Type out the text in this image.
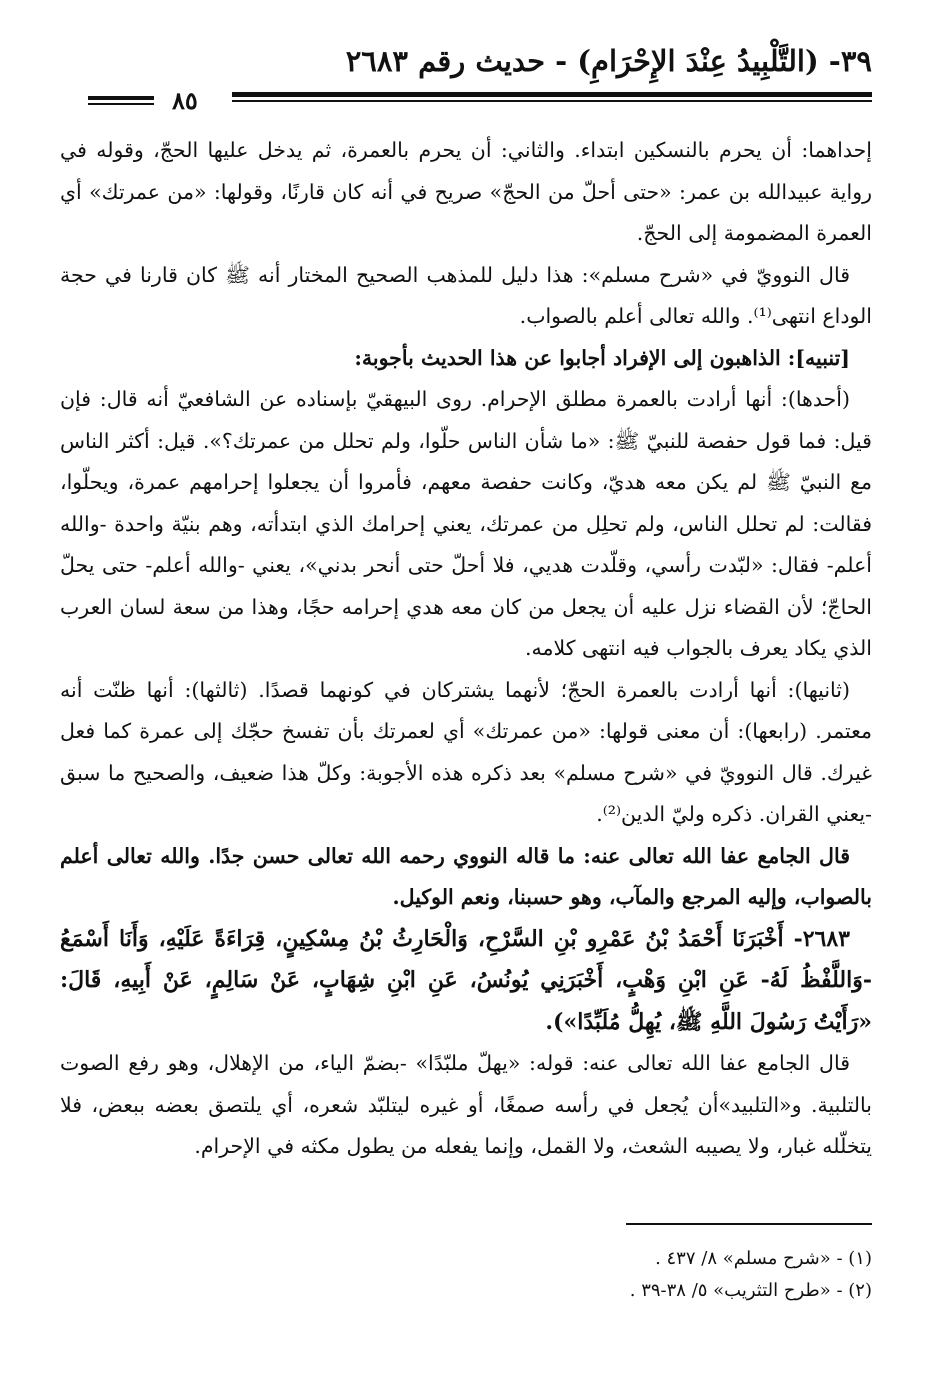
٣٩- (التَّلْبِيدُ عِنْدَ الإِحْرَامِ) - حديث رقم ٢٦٨٣
٨٥

إحداهما: أن يحرم بالنسكين ابتداء. والثاني: أن يحرم بالعمرة، ثم يدخل عليها الحجّ، وقوله في رواية عبيدالله بن عمر: «حتى أحلّ من الحجّ» صريح في أنه كان قارنًا، وقولها: «من عمرتك» أي العمرة المضمومة إلى الحجّ.

قال النوويّ في «شرح مسلم»: هذا دليل للمذهب الصحيح المختار أنه ﷺ كان قارنا في حجة الوداع انتهى⁽¹⁾. والله تعالى أعلم بالصواب.

[تنبيه]: الذاهبون إلى الإفراد أجابوا عن هذا الحديث بأجوبة:

(أحدها): أنها أرادت بالعمرة مطلق الإحرام. روى البيهقيّ بإسناده عن الشافعيّ أنه قال: فإن قيل: فما قول حفصة للنبيّ ﷺ: «ما شأن الناس حلّوا، ولم تحلل من عمرتك؟». قيل: أكثر الناس مع النبيّ ﷺ لم يكن معه هديّ، وكانت حفصة معهم، فأمروا أن يجعلوا إحرامهم عمرة، ويحلّوا، فقالت: لم تحلل الناس، ولم تحلِل من عمرتك، يعني إحرامك الذي ابتدأته، وهم بنيّة واحدة -والله أعلم- فقال: «لبّدت رأسي، وقلّدت هديي، فلا أحلّ حتى أنحر بدني»، يعني -والله أعلم- حتى يحلّ الحاجّ؛ لأن القضاء نزل عليه أن يجعل من كان معه هدي إحرامه حجًا، وهذا من سعة لسان العرب الذي يكاد يعرف بالجواب فيه انتهى كلامه.

(ثانيها): أنها أرادت بالعمرة الحجّ؛ لأنهما يشتركان في كونهما قصدًا. (ثالثها): أنها ظنّت أنه معتمر. (رابعها): أن معنى قولها: «من عمرتك» أي لعمرتك بأن تفسخ حجّك إلى عمرة كما فعل غيرك. قال النوويّ في «شرح مسلم» بعد ذكره هذه الأجوبة: وكلّ هذا ضعيف، والصحيح ما سبق -يعني القران. ذكره وليّ الدين⁽²⁾.

قال الجامع عفا الله تعالى عنه: ما قاله النووي رحمه الله تعالى حسن جدًا. والله تعالى أعلم بالصواب، وإليه المرجع والمآب، وهو حسبنا، ونعم الوكيل.

٢٦٨٣- أَخْبَرَنَا أَحْمَدُ بْنُ عَمْرِو بْنِ السَّرْحِ، وَالْحَارِثُ بْنُ مِسْكِينٍ، قِرَاءَةً عَلَيْهِ، وَأَنَا أَسْمَعُ -وَاللَّفْظُ لَهُ- عَنِ ابْنِ وَهْبٍ، أَخْبَرَنِي يُونُسُ، عَنِ ابْنِ شِهَابٍ، عَنْ سَالِمٍ، عَنْ أَبِيهِ، قَالَ: «رَأَيْتُ رَسُولَ اللَّهِ ﷺ، يُهِلُّ مُلَبِّدًا»).

قال الجامع عفا الله تعالى عنه: قوله: «يهلّ ملبّدًا» -بضمّ الياء، من الإهلال، وهو رفع الصوت بالتلبية. و«التلبيد»أن يُجعل في رأسه صمغًا، أو غيره ليتلبّد شعره، أي يلتصق بعضه ببعض، فلا يتخلّله غبار، ولا يصيبه الشعث، ولا القمل، وإنما يفعله من يطول مكثه في الإحرام.

(١) - «شرح مسلم» ٨/ ٤٣٧ .

(٢) - «طرح التثريب» ٥/ ٣٨-٣٩ .
